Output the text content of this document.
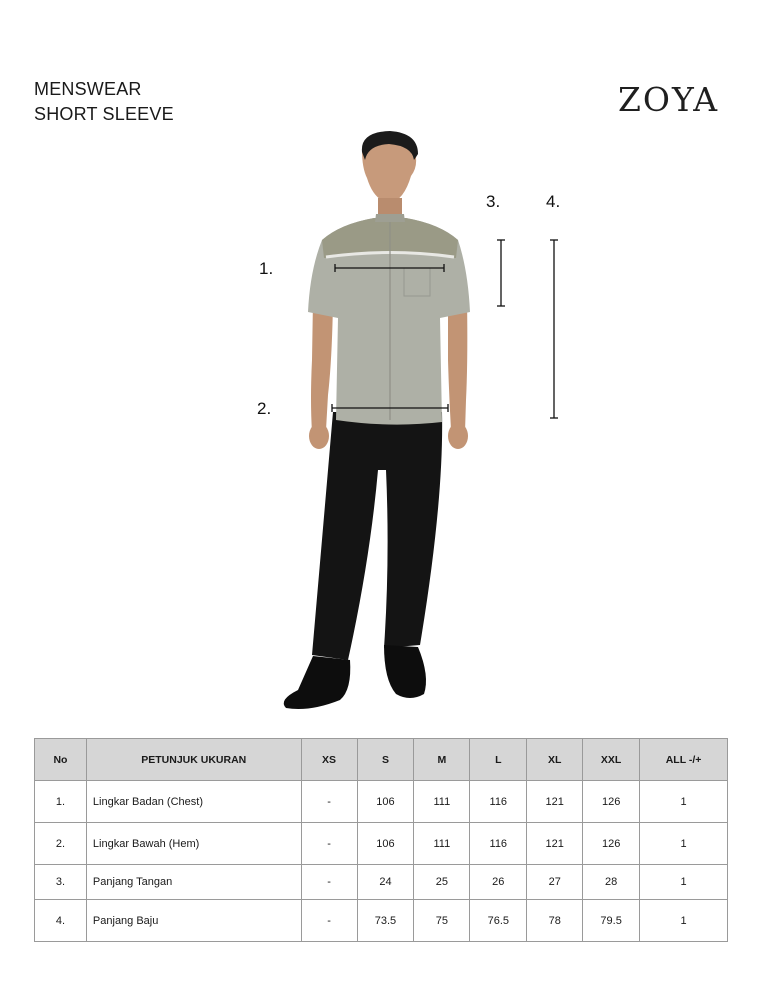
MENSWEAR
SHORT SLEEVE	ZOYA
1.
2.
3.	4.
No	PETUNJUK UKURAN	XS	S	M	L	XL	XXL	ALL -/+
1.	Lingkar Badan (Chest)	-	106	111	116	121	126	1
2.	Lingkar Bawah (Hem)	-	106	111	116	121	126	1
3.	Panjang Tangan	-	24	25	26	27	28	1
4.	Panjang Baju	-	73.5	75	76.5	78	79.5	1
